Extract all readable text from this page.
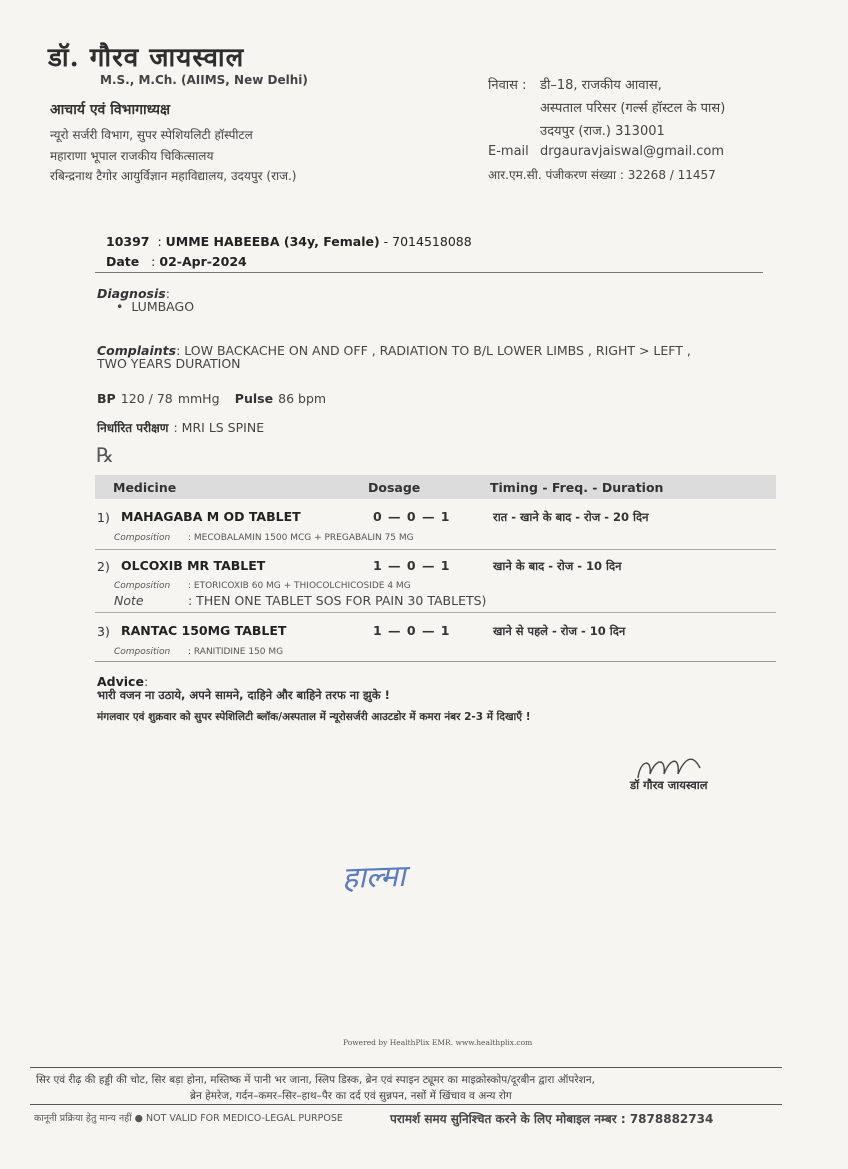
डॉ. गौरव जायस्वाल
M.S., M.Ch. (AIIMS, New Delhi)
आचार्य एवं विभागाध्यक्ष
न्यूरो सर्जरी विभाग, सुपर स्पेशियलिटी हॉस्पीटल
महाराणा भूपाल राजकीय चिकित्सालय
रबिन्द्रनाथ टैगोर आयुर्विज्ञान महाविद्यालय, उदयपुर (राज.)
निवास : डी–18, राजकीय आवास,
अस्पताल परिसर (गर्ल्स हॉस्टल के पास)
उदयपुर (राज.) 313001
E-mail drgauravjaiswal@gmail.com
आर.एम.सी. पंजीकरण संख्या : 32268 / 11457
10397  : UMME HABEEBA (34y, Female) - 7014518088
Date   : 02-Apr-2024
Diagnosis:
•  LUMBAGO
Complaints: LOW BACKACHE ON AND OFF , RADIATION TO B/L LOWER LIMBS , RIGHT > LEFT ,
TWO YEARS DURATION
BP 120 / 78 mmHg Pulse 86 bpm
निर्धारित परीक्षण : MRI LS SPINE
℞
Medicine	Dosage	Timing - Freq. - Duration
1) MAHAGABA M OD TABLET	0 — 0 — 1	रात - खाने के बाद - रोज - 20 दिन
Composition : MECOBALAMIN 1500 MCG + PREGABALIN 75 MG
2) OLCOXIB MR TABLET	1 — 0 — 1	खाने के बाद - रोज - 10 दिन
Composition : ETORICOXIB 60 MG + THIOCOLCHICOSIDE 4 MG
Note	: THEN ONE TABLET SOS FOR PAIN 30 TABLETS)
3) RANTAC 150MG TABLET	1 — 0 — 1	खाने से पहले - रोज - 10 दिन
Composition : RANITIDINE 150 MG
Advice:
भारी वजन ना उठाये, अपने सामने, दाहिने और बाहिने तरफ ना झुके !
मंगलवार एवं शुक्रवार को सुपर स्पेशिलिटी ब्लॉक/अस्पताल में न्यूरोसर्जरी आउटडोर में कमरा नंबर 2-3 में दिखाएँ !
डॉ गौरव जायस्वाल
हाल्मा
Powered by HealthPlix EMR. www.healthplix.com
सिर एवं रीढ़ की हड्डी की चोट, सिर बड़ा होना, मस्तिष्क में पानी भर जाना, स्लिप डिस्क, ब्रेन एवं स्पाइन ट्यूमर का माइक्रोस्कोप/दूरबीन द्वारा ऑपरेशन,
ब्रेन हेमरेज, गर्दन–कमर–सिर–हाथ–पैर का दर्द एवं सुन्नपन, नसों में खिंचाव व अन्य रोग
कानूनी प्रक्रिया हेतु मान्य नहीं ● NOT VALID FOR MEDICO-LEGAL PURPOSE	परामर्श समय सुनिश्चित करने के लिए मोबाइल नम्बर : 7878882734
